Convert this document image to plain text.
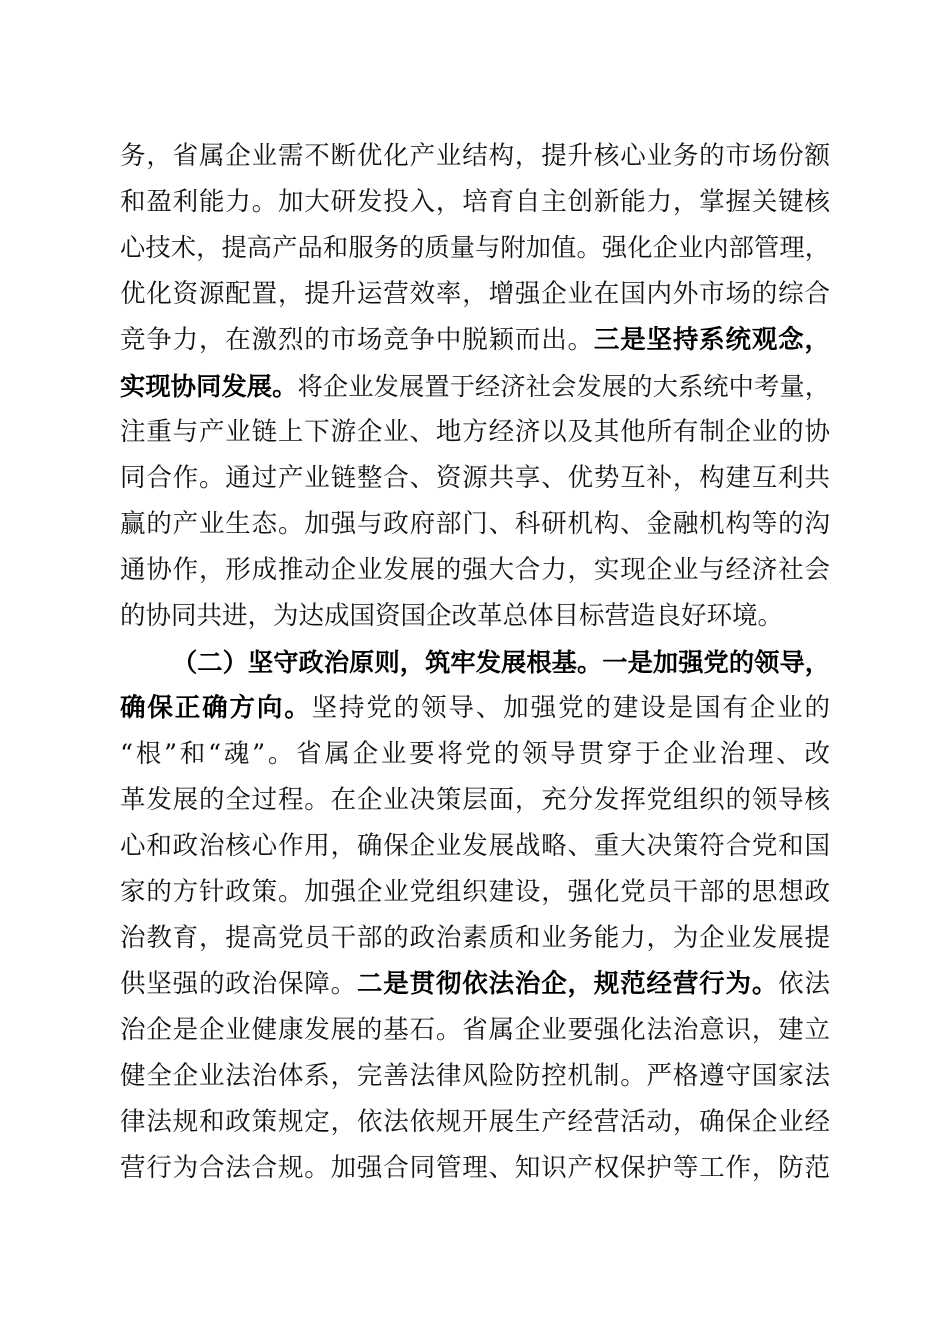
务，省属企业需不断优化产业结构，提升核心业务的市场份额
和盈利能力。加大研发投入，培育自主创新能力，掌握关键核
心技术，提高产品和服务的质量与附加值。强化企业内部管理，
优化资源配置，提升运营效率，增强企业在国内外市场的综合
竞争力，在激烈的市场竞争中脱颖而出。三是坚持系统观念，
实现协同发展。将企业发展置于经济社会发展的大系统中考量，
注重与产业链上下游企业、地方经济以及其他所有制企业的协
同合作。通过产业链整合、资源共享、优势互补，构建互利共
赢的产业生态。加强与政府部门、科研机构、金融机构等的沟
通协作，形成推动企业发展的强大合力，实现企业与经济社会
的协同共进，为达成国资国企改革总体目标营造良好环境。
（二）坚守政治原则，筑牢发展根基。一是加强党的领导，
确保正确方向。坚持党的领导、加强党的建设是国有企业的
“根”和“魂”。省属企业要将党的领导贯穿于企业治理、改
革发展的全过程。在企业决策层面，充分发挥党组织的领导核
心和政治核心作用，确保企业发展战略、重大决策符合党和国
家的方针政策。加强企业党组织建设，强化党员干部的思想政
治教育，提高党员干部的政治素质和业务能力，为企业发展提
供坚强的政治保障。二是贯彻依法治企，规范经营行为。依法
治企是企业健康发展的基石。省属企业要强化法治意识，建立
健全企业法治体系，完善法律风险防控机制。严格遵守国家法
律法规和政策规定，依法依规开展生产经营活动，确保企业经
营行为合法合规。加强合同管理、知识产权保护等工作，防范
